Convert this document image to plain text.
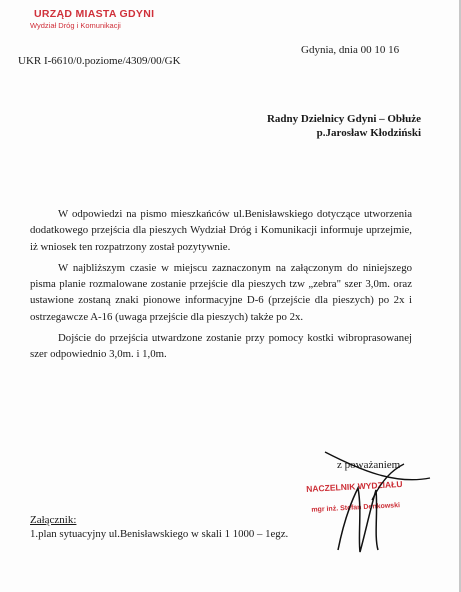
URZĄD MIASTA GDYNI
Wydział Dróg i Komunikacji
Gdynia, dnia 00 10 16
UKR I-6610/0.poziome/4309/00/GK
Radny Dzielnicy Gdyni – Obłuże
p.Jarosław Kłodziński

W odpowiedzi na pismo mieszkańców ul.Benisławskiego dotyczące utworzenia dodatkowego przejścia dla pieszych Wydział Dróg i Komunikacji informuje uprzejmie, iż wniosek ten rozpatrzony został pozytywnie.

W najbliższym czasie w miejscu zaznaczonym na załączonym do niniejszego pisma planie rozmalowane zostanie przejście dla pieszych tzw „zebra" szer 3,0m. oraz ustawione zostaną znaki pionowe informacyjne D-6 (przejście dla pieszych) po 2x i ostrzegawcze A-16 (uwaga przejście dla pieszych) także po 2x.

Dojście do przejścia utwardzone zostanie przy pomocy kostki wibroprasowanej szer odpowiednio 3,0m. i 1,0m.

z poważaniem
NACZELNIK WYDZIAŁU
mgr inż. Stefan Denkowski
Załącznik:
1.plan sytuacyjny ul.Benisławskiego w skali 1 1000 – 1egz.
